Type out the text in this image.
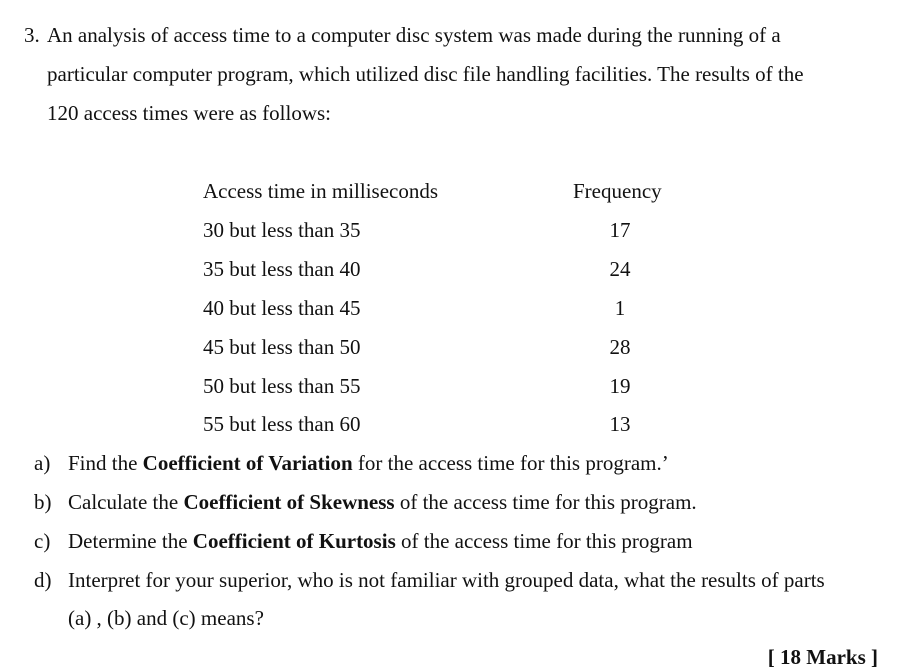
3. An analysis of access time to a computer disc system was made during the running of a
particular computer program, which utilized disc file handling facilities. The results of the
120 access times were as follows:
Access time in milliseconds	Frequency
30 but less than 35	17
35 but less than 40	24
40 but less than 45	1
45 but less than 50	28
50 but less than 55	19
55 but less than 60	13
a) Find the Coefficient of Variation for the access time for this program.’
b) Calculate the Coefficient of Skewness of the access time for this program.
c) Determine the Coefficient of Kurtosis of the access time for this program
d) Interpret for your superior, who is not familiar with grouped data, what the results of parts
(a) , (b) and (c) means?
[ 18 Marks ]
